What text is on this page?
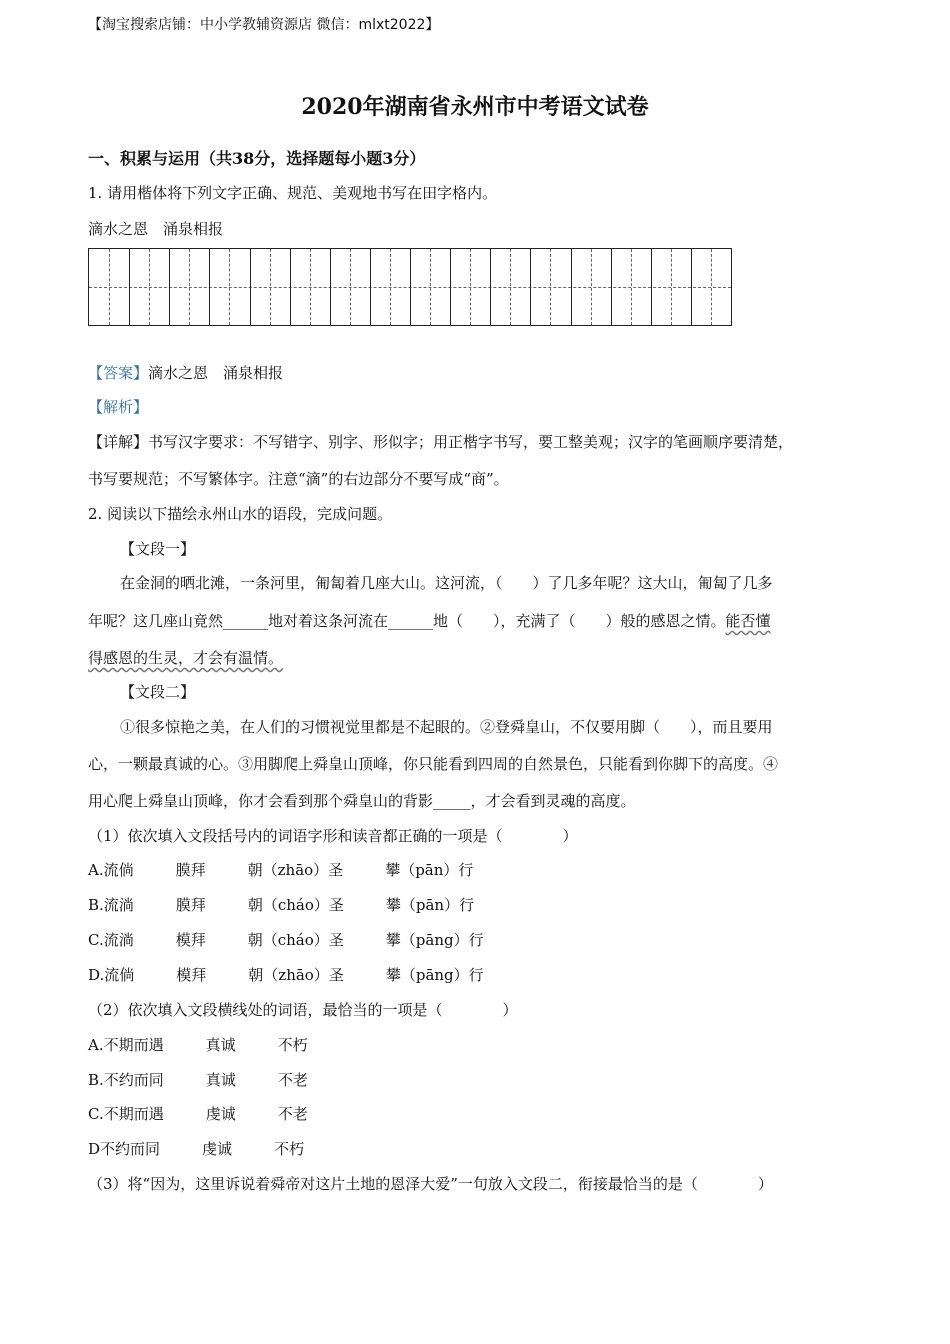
【淘宝搜索店铺：中小学教辅资源店 微信：mlxt2022】
2020年湖南省永州市中考语文试卷
一、积累与运用（共38分，选择题每小题3分）
1. 请用楷体将下列文字正确、规范、美观地书写在田字格内。
滴水之恩　涌泉相报
【答案】滴水之恩　涌泉相报
【解析】
【详解】书写汉字要求：不写错字、别字、形似字；用正楷字书写，要工整美观；汉字的笔画顺序要清楚，
书写要规范；不写繁体字。注意“滴”的右边部分不要写成“商”。
2. 阅读以下描绘永州山水的语段，完成问题。
【文段一】
在金洞的晒北滩，一条河里，匍匐着几座大山。这河流，（　　）了几多年呢？这大山，匍匐了几多
年呢？这几座山竟然______地对着这条河流在______地（　　），充满了（　　）般的感恩之情。能否懂
得感恩的生灵，才会有温情。
【文段二】
①很多惊艳之美，在人们的习惯视觉里都是不起眼的。②登舜皇山，不仅要用脚（　　），而且要用
心，一颗最真诚的心。③用脚爬上舜皇山顶峰，你只能看到四周的自然景色，只能看到你脚下的高度。④
用心爬上舜皇山顶峰，你才会看到那个舜皇山的背影_____，才会看到灵魂的高度。
（1）依次填入文段括号内的词语字形和读音都正确的一项是（　　　　）
A.流倘	膜拜	朝（zhāo）圣	攀（pān）行
B.流淌	膜拜	朝（cháo）圣	攀（pān）行
C.流淌	模拜	朝（cháo）圣	攀（pāng）行
D.流倘	模拜	朝（zhāo）圣	攀（pāng）行
（2）依次填入文段横线处的词语，最恰当的一项是（　　　　）
A.不期而遇	真诚	不朽
B.不约而同	真诚	不老
C.不期而遇	虔诚	不老
D不约而同	虔诚	不朽
（3）将“因为，这里诉说着舜帝对这片土地的恩泽大爱”一句放入文段二，衔接最恰当的是（　　　　）
